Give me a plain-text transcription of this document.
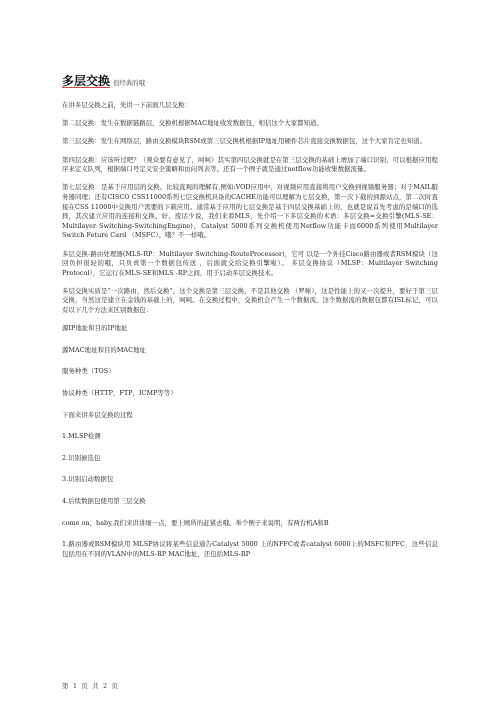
多层交换 很经典的哦

在讲多层交换之前，先讲一下前面几层交换：

第二层交换：发生在数据链路层，交换机根据MAC地址收发数据包，相信这个大家都知道。

第三层交换：发生在网络层，路由交换模块RSM或第三层交换机根据IP地址用硬件芯片直接交换数据包，这个大家肯定也知道。

第四层交换：应该听过吧？（观众要有意见了，呵呵）其实第四层交换就是在第三层交换的基础上增加了端口识别，可以根据应用程序来定义队列，根据端口号定义安全策略和访问列表等。还有一个例子就是通过netflow功能收集数据流量。

第七层交换：是基于应用层的交换。比较直观的理解有,例如:VOD应用中，对视频应用直接将用户交换到视频服务器；对于MAIL服务器同理；还有CISCO CSS11000系列七层交换机具备的CACHE功能可以理解为七层交换，第一次下载的到源站点，第二次时直接在CSS 11000中交换用户需要的下载应用。通常基于应用的七层交换是基于四层交换基础上的，也就是说首先考虑的是端口的选择，其次建立应用的连接和交换。好，废话少说，我们来看MLS，先介绍一下多层交换的术语：多层交换=交换引擎(MLS-SE：Multilayer Switching-SwitchingEngine)，Catalyst 5000系列交换机使用Netflow功能卡而6000系列使用Multilayer Switch Feture Card （MSFC）。哦？不一样哦。

多层交换-路由处理器(MLS-RP：Multilayer Switching-RouteProcessor)，它可 以是一个外挂Cisco路由器或者RSM模块（这回负担很轻的哦，只负责第一个数据包传送 ，后面就交给交换引擎啦）。 多层交换协议（MLSP：Multilayer Switching Protocol），它运行在MLS-SE和MLS -RP之间，用于启动多层交换技术。

多层交换实质是“一次路由，然后交换”，这个交换是第三层交换，不是其他交换 （罗嗦），这是性能上的又一次提升，要好于第三层交换，当然这是建立在金钱的基础上的，呵呵。在交换过程中，交换机会产生一个数据流，这个数据流的数据包都有ISL标记，可以有以下几个方法来区别数据包：

源IP地址和目的IP地址

源MAC地址和目的MAC地址

服务种类（TOS）

协议种类（HTTP，FTP，ICMP等等）

下面来讲多层交换的过程

1.MLSP检测

2.识别候选包

3.识别启动数据包

4.后续数据包使用第三层交换

come on，baby,我们来讲讲细一点，要上厕所的赶紧去哦。举个例子来说明，有两台机A和B

1.路由器或RSM模块用 MLSP协议将某些信息通告Catalyst 5000 上的NFFC或者catalyst 6000上的MSFC和PFC，这些信息包括用在不同的VLAN中的MLS-RP MAC地址，还包括MLS-RP

第 1 页 共 2 页
